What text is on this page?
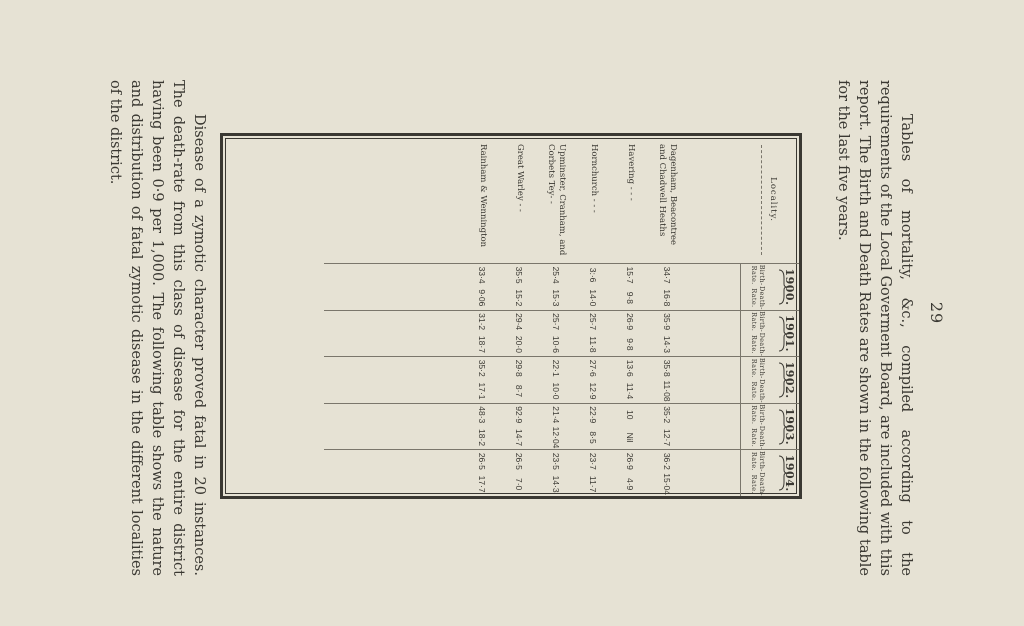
29

Tables of mortality, &c., compiled according to the requirements of the Local Goverment Board, are included with this report. The Birth and Death Rates are shown in the following table for the last five years.

Locality.	1900.		1901.		1902.		1903.		1904.	

	Birth-Rate.	Death-Rate.	Birth-Rate.	Death-Rate.	Birth-Rate.	Death-Rate.	Birth-Rate.	Death-Rate.	Birth-Rate.	Death-Rate.

Dagenham, Beacontree and Chadwell Heaths	34·7	16·8	35·9	14·3	35·8	11·08	35·2	12·7	36·2	15·04
Havering - - -	15·7	9·8	26·9	9·8	13·6	11·4	10	Nil	26·9	4·9
Hornchurch - - -	3:·6	14·0	25·7	11·8	27·6	12·9	22·9	8·5	23·7	11·7
Upminster, Cranham, and Corbets Tey- -	25·4	15·3	25·7	10·6	22·1	10·0	21·4	12·04	23·5	14·3
Great Warley - -	35·5	15·2	29·4	20·0	29·8	8·7	92·9	14·7	26·5	7·0
Rainham & Wennington	33·4	9·06	31·2	18·7	35·2	17·1	48·3	18·2	26·5	17·7

Disease of a zymotic character proved fatal in 20 instances. The death-rate from this class of disease for the entire district having been 0·9 per 1,000. The following table shows the nature and distribution of fatal zymotic disease in the different localities of the district.
